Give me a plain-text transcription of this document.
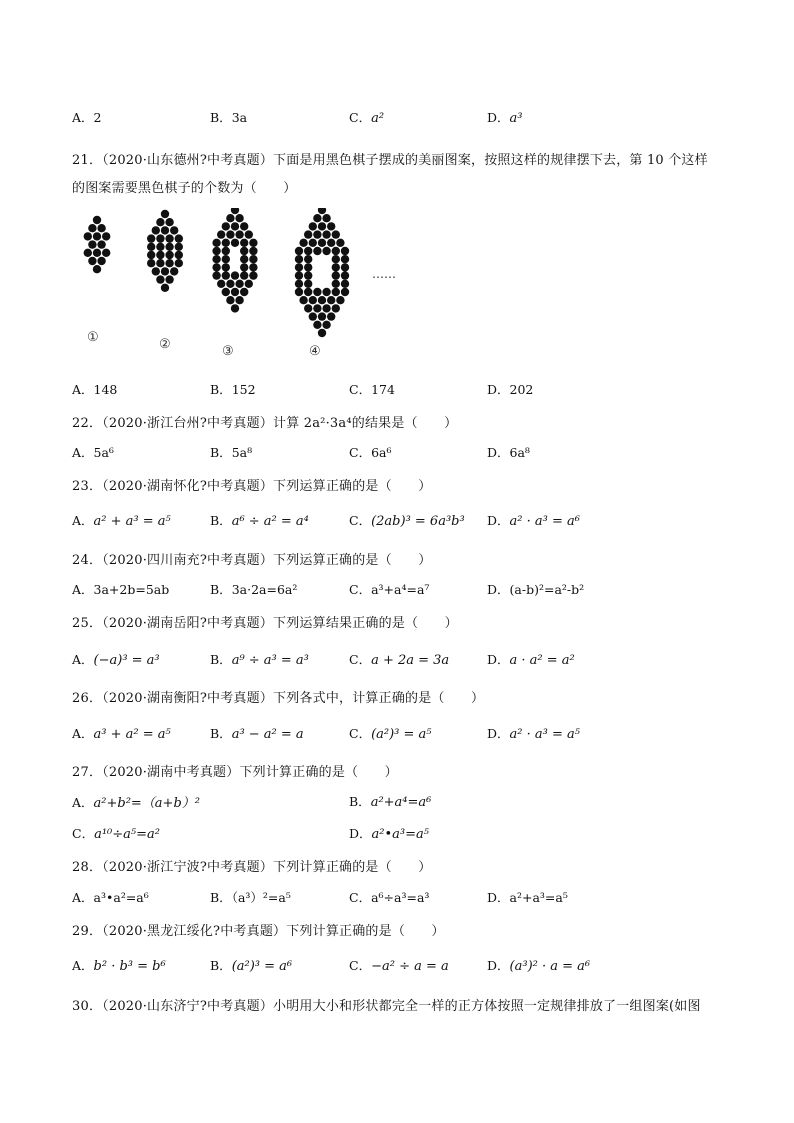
A．2	B．3a	C．a²	D．a³
21．（2020·山东德州?中考真题）下面是用黑色棋子摆成的美丽图案，按照这样的规律摆下去，第 10 个这样
的图案需要黑色棋子的个数为（　　）
……
①	②	③	④
A．148	B．152	C．174	D．202
22．（2020·浙江台州?中考真题）计算 2a²·3a⁴的结果是（　　）
A．5a⁶	B．5a⁸	C．6a⁶	D．6a⁸
23．（2020·湖南怀化?中考真题）下列运算正确的是（　　）
A．a² + a³ = a⁵	B．a⁶ ÷ a² = a⁴	C．(2ab)³ = 6a³b³ D．a² · a³ = a⁶
24．（2020·四川南充?中考真题）下列运算正确的是（　　）
A．3a+2b=5ab	B．3a·2a=6a²	C．a³+a⁴=a⁷	D．(a-b)²=a²-b²
25．（2020·湖南岳阳?中考真题）下列运算结果正确的是（　　）
A．(−a)³ = a³	B．a⁹ ÷ a³ = a³	C．a + 2a = 3a	D．a · a² = a²
26．（2020·湖南衡阳?中考真题）下列各式中，计算正确的是（　　）
A．a³ + a² = a⁵	B．a³ − a² = a	C．(a²)³ = a⁵	D．a² · a³ = a⁵
27．（2020·湖南中考真题）下列计算正确的是（　　）
A．a²+b²=（a+b）²	B．a²+a⁴=a⁶
C．a¹⁰÷a⁵=a²	D．a²•a³=a⁵
28．（2020·浙江宁波?中考真题）下列计算正确的是（　　）
A．a³•a²=a⁶	B．（a³）²=a⁵	C．a⁶÷a³=a³	D．a²+a³=a⁵
29．（2020·黑龙江绥化?中考真题）下列计算正确的是（　　）
A．b² · b³ = b⁶	B．(a²)³ = a⁶	C．−a² ÷ a = a	D．(a³)² · a = a⁶
30．（2020·山东济宁?中考真题）小明用大小和形状都完全一样的正方体按照一定规律排放了一组图案(如图
